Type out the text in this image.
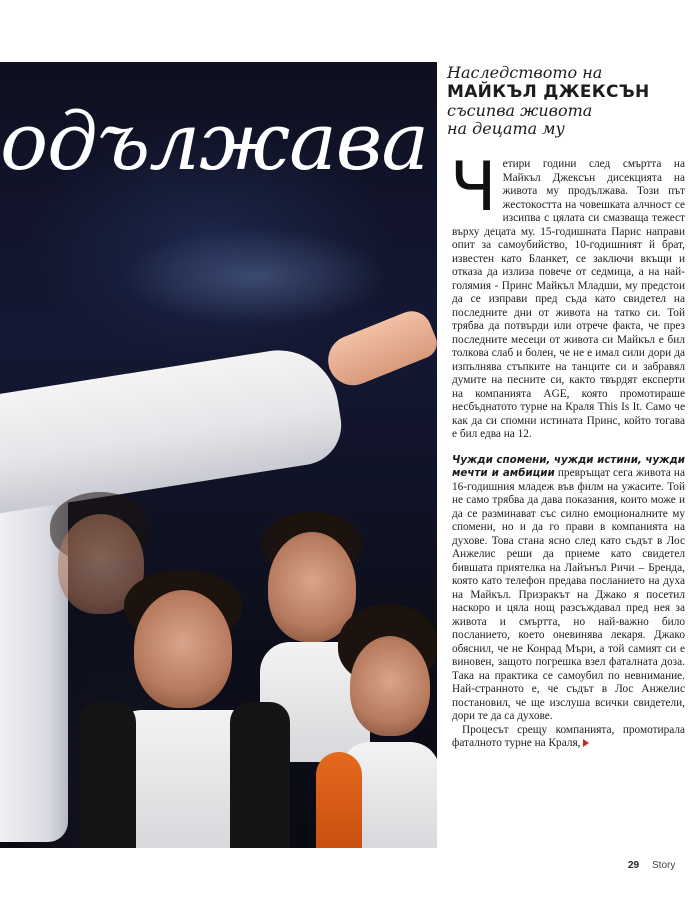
одължава
Наследството на
МАЙКЪЛ ДЖЕКСЪН
съсипва живота
на децата му

Четири години след смъртта на Майкъл Джексън дисекцията на живота му продължава. Този път жестокостта на човешката алчност се изсипва с цялата си смазваща тежест върху децата му. 15-годишната Парис направи опит за самоубийство, 10-годишният й брат, известен като Бланкет, се заключи вкъщи и отказа да излиза повече от седмица, а на най-голямия - Принс Майкъл Младши, му предстои да се изправи пред съда като свидетел на последните дни от живота на татко си. Той трябва да потвърди или отрече факта, че през последните месеци от живота си Майкъл е бил толкова слаб и болен, че не е имал сили дори да изпълнява стъпките на танците си и забравял думите на песните си, както твърдят експерти на компанията AGE, която промотираше несбъднатото турне на Краля This Is It. Само че как да си спомни истината Принс, който тогава е бил едва на 12.

Чужди спомени, чужди истини, чужди мечти и амбиции превръщат сега живота на 16-годишния младеж във филм на ужасите. Той не само трябва да дава показания, които може и да се разминават със силно емоционалните му спомени, но и да го прави в компанията на духове. Това стана ясно след като съдът в Лос Анжелис реши да приеме като свидетел бившата приятелка на Лайънъл Ричи – Бренда, която като телефон предава посланието на духа на Майкъл. Призракът на Джако я посетил наскоро и цяла нощ разсъждавал пред нея за живота и смъртта, но най-важно било посланието, което оневинява лекаря. Джако обяснил, че не Конрад Мъри, а той самият си е виновен, защото погрешка взел фаталната доза. Така на практика се самоубил по невнимание. Най-странното е, че съдът в Лос Анжелис постановил, че ще изслуша всички свидетели, дори те да са духове.

Процесът срещу компанията, промотирала фаталното турне на Краля,

29 Story
